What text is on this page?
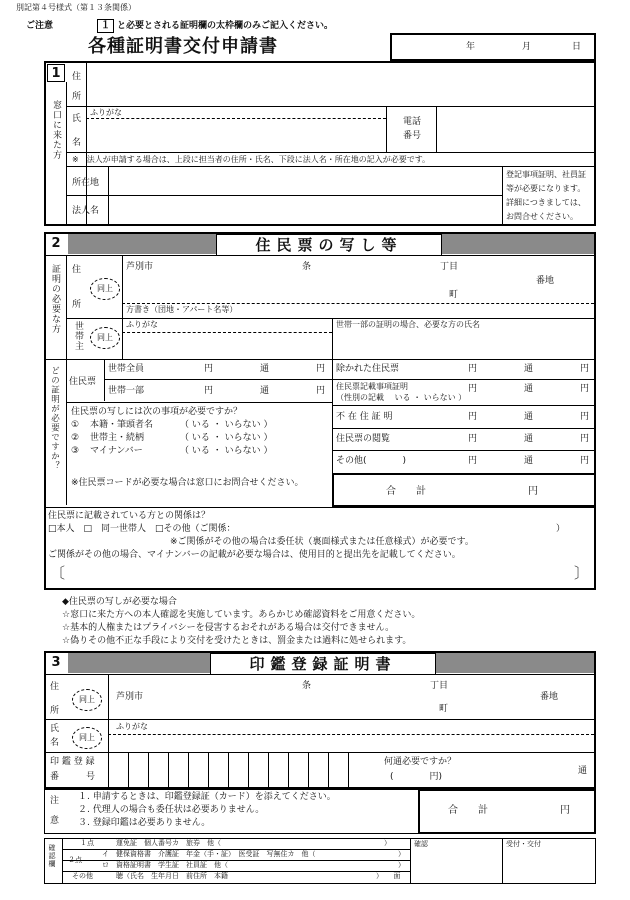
別記第４号様式（第１３条関係）
ご注意	１ と必要とされる証明欄の太枠欄のみご記入ください。
各種証明書交付申請書	年	月	日
1
窓口に来た方
住
所
ふりがな
氏
名
電話
番号
※　法人が申請する場合は、上段に担当者の住所・氏名、下段に法人名・所在地の記入が必要です。
所在地
法人名
登記事項証明、社員証
等が必要になります。
詳細につきましては、
お問合せください。
2	住民票の写し等
証明の必要な方 住
所
同上
芦別市	条	丁目
番地
町
方書き（団地・アパート名等）
世帯主	同上
ふりがな	世帯一部の証明の場合、必要な方の氏名
どの証明が必要ですか？ 住民票
世帯全員	円	通	円
世帯一部	円	通	円
住民票の写しには次の事項が必要ですか？
① 本籍・筆頭者名	（ いる ・ いらない ）
② 世帯主・続柄	（ いる ・ いらない ）
③ マイナンバー	（ いる ・ いらない ）
※住民票コードが必要な場合は窓口にお問合せください。
除かれた住民票	円	通	円
住民票記載事項証明
（性別の記載　 いる ・ いらない ）
円	通	円
不 在 住 証 明	円	通	円
住民票の閲覧	円	通	円
その他(　　　　)	円	通	円
合　　計	円
住民票に記載されている方との関係は？
□本人　□　同一世帯人　□その他（ご関係：	）
※ご関係がその他の場合は委任状（裏面様式または任意様式）が必要です。
ご関係がその他の場合、マイナンバーの記載が必要な場合は、使用目的と提出先を記載してください。
〔	〕
◆住民票の写しが必要な場合
☆窓口に来た方への本人確認を実施しています。あらかじめ確認資料をご用意ください。
☆基本的人権またはプライバシーを侵害するおそれがある場合は交付できません。
☆偽りその他不正な手段により交付を受けたときは、罰金または過料に処せられます。
3	印鑑登録証明書
住
所
同上	芦別市
条	丁目
番地
町
氏
名
同上
ふりがな
印 鑑 登 録
番　　　号
何通必要ですか？
(　　　　円)
通
注
意
１. 申請するときは、印鑑登録証（カード）を添えてください。
２. 代理人の場合も委任状は必要ありません。
３. 登録印鑑は必要ありません。
合　　計	円
確認欄
１点	運免証　個人番号カ　旅券　他（	）
２点
イ 健保資格書　介護証　年金（手・証）　医受証　写無住カ　他（	）
ロ 資格証明書　学生証　社員証　他（	）
その他	聴（氏名　生年月日　前住所　本籍	）　　面
確認	受付・交付
